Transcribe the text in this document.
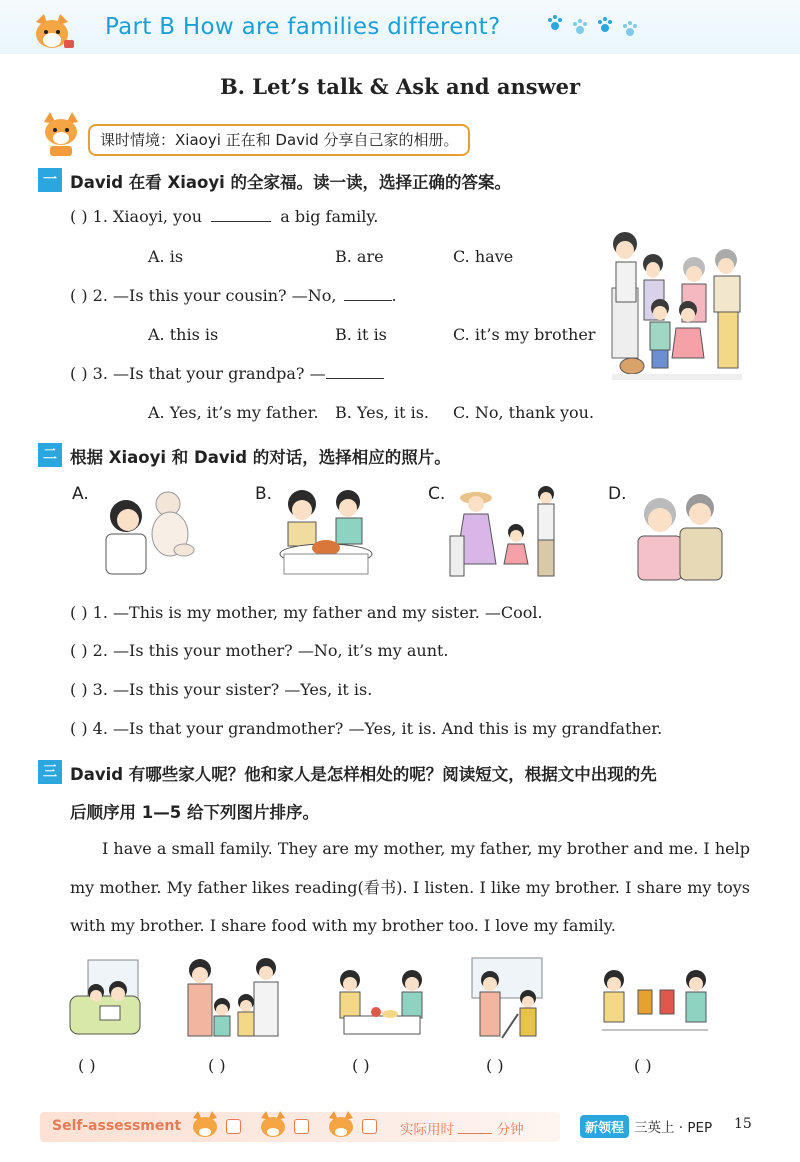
Part B How are families different?
B. Let’s talk & Ask and answer
课时情境：Xiaoyi 正在和 David 分享自己家的相册。
一 David 在看 Xiaoyi 的全家福。读一读，选择正确的答案。
( ) 1. Xiaoyi, you	a big family.
A. is	B. are	C. have
( ) 2. —Is this your cousin? —No,	.
A. this is	B. it is	C. it’s my brother
( ) 3. —Is that your grandpa? —
A. Yes, it’s my father. B. Yes, it is. C. No, thank you.
二 根据 Xiaoyi 和 David 的对话，选择相应的照片。
A.	B.	C.	D.
( ) 1. —This is my mother, my father and my sister. —Cool.
( ) 2. —Is this your mother? —No, it’s my aunt.
( ) 3. —Is this your sister? —Yes, it is.
( ) 4. —Is that your grandmother? —Yes, it is. And this is my grandfather.
三 David 有哪些家人呢？他和家人是怎样相处的呢？阅读短文，根据文中出现的先
后顺序用 1—5 给下列图片排序。
I have a small family. They are my mother, my father, my brother and me. I help my mother. My father likes reading(看书). I listen. I like my brother. I share my toys with my brother. I share food with my brother too. I love my family.
( )	( )	( )	( )	( )
Self-assessment	实际用时	分钟	新领程 三英上 · PEP 15
